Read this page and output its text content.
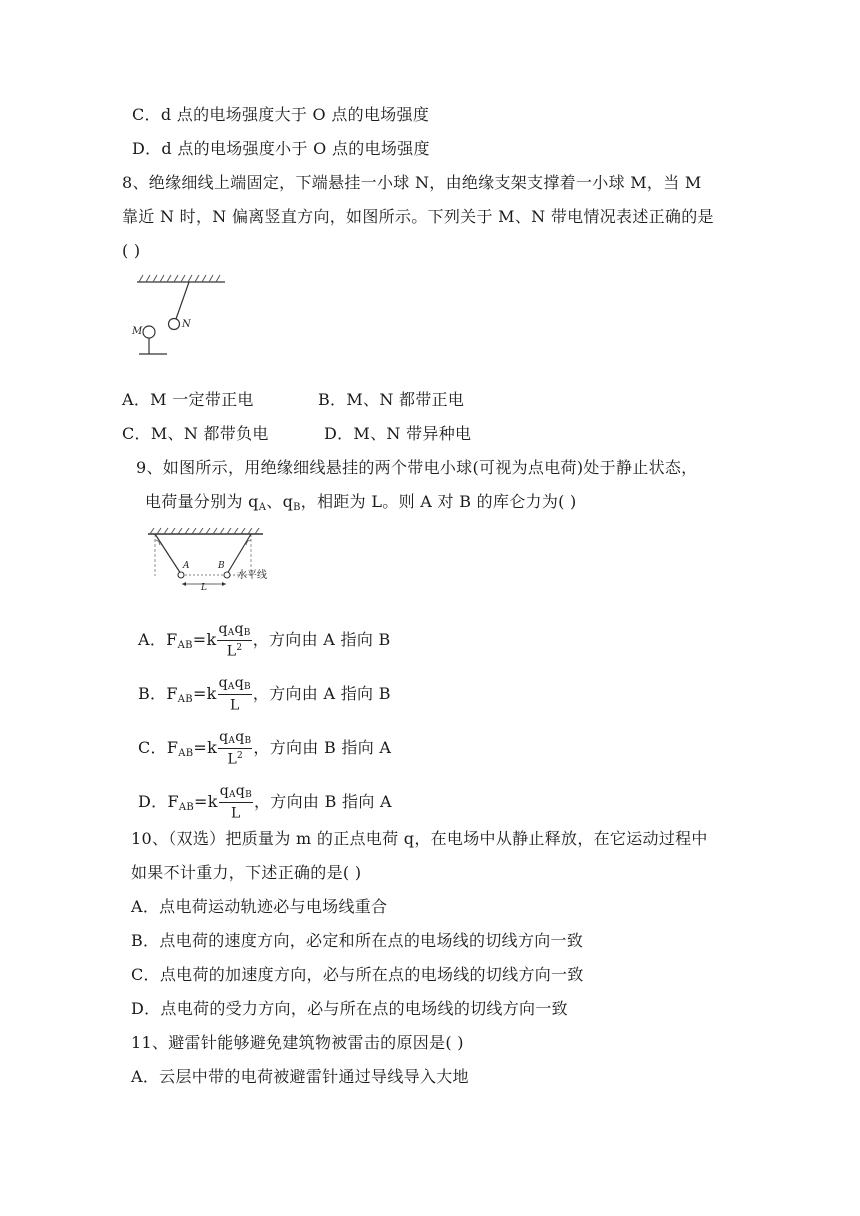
C．d 点的电场强度大于 O 点的电场强度
D．d 点的电场强度小于 O 点的电场强度
8、绝缘细线上端固定，下端悬挂一小球 N，由绝缘支架支撑着一小球 M，当 M
靠近 N 时，N 偏离竖直方向，如图所示。下列关于 M、N 带电情况表述正确的是
( )
N
M
A．M 一定带正电	B．M、N 都带正电
C．M、N 都带负电	D．M、N 带异种电
9、如图所示，用绝缘细线悬挂的两个带电小球(可视为点电荷)处于静止状态，
电荷量分别为 $q_A$、$q_B$，相距为 L。则 A 对 B 的库仑力为( )
A	B
L
水平线
A．$F_{AB}=k \frac{q_Aq_B}{L^2}$ ，方向由 A 指向 B
B．$F_{AB}=k \frac{q_Aq_B}{L}$ ，方向由 A 指向 B
C．$F_{AB}=k \frac{q_Aq_B}{L^2}$ ，方向由 B 指向 A
D．$F_{AB}=k \frac{q_Aq_B}{L}$ ，方向由 B 指向 A
10、（双选）把质量为 m 的正点电荷 q，在电场中从静止释放，在它运动过程中
如果不计重力，下述正确的是( )
A．点电荷运动轨迹必与电场线重合
B．点电荷的速度方向，必定和所在点的电场线的切线方向一致
C．点电荷的加速度方向，必与所在点的电场线的切线方向一致
D．点电荷的受力方向，必与所在点的电场线的切线方向一致
11、避雷针能够避免建筑物被雷击的原因是( )
A．云层中带的电荷被避雷针通过导线导入大地
